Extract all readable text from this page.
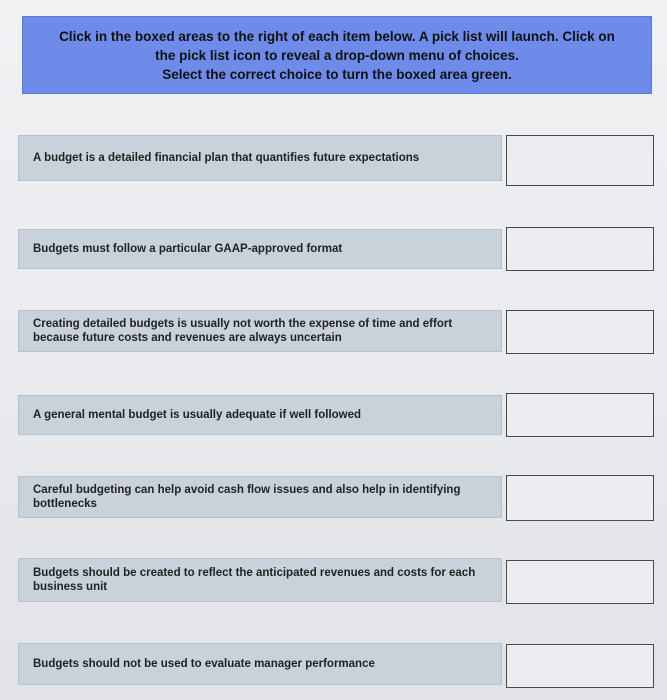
Click in the boxed areas to the right of each item below. A pick list will launch. Click on
the pick list icon to reveal a drop-down menu of choices.
Select the correct choice to turn the boxed area green.
A budget is a detailed financial plan that quantifies future expectations
Budgets must follow a particular GAAP-approved format
Creating detailed budgets is usually not worth the expense of time and effort because future costs and revenues are always uncertain
A general mental budget is usually adequate if well followed
Careful budgeting can help avoid cash flow issues and also help in identifying bottlenecks
Budgets should be created to reflect the anticipated revenues and costs for each business unit
Budgets should not be used to evaluate manager performance
